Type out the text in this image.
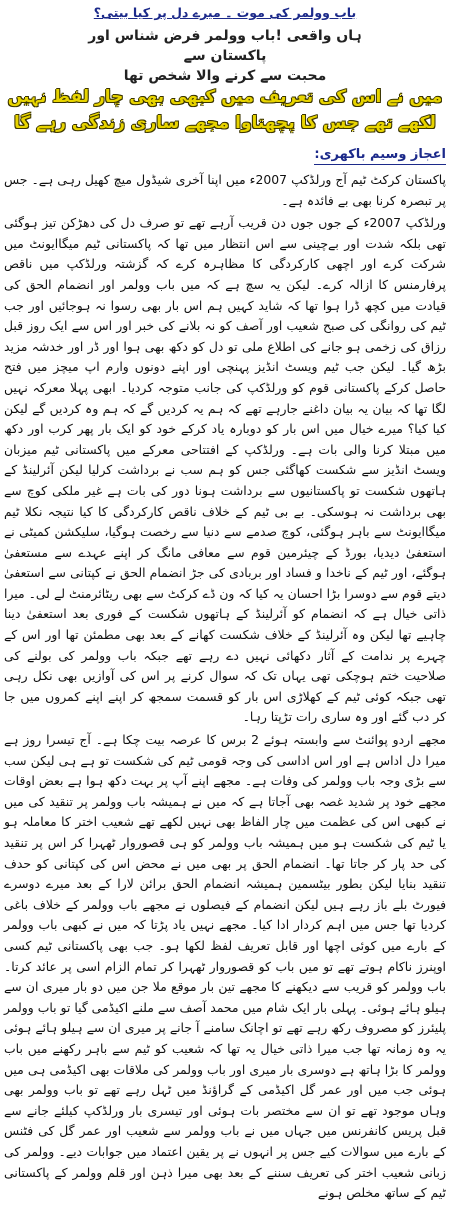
باب وولمر کی موت ۔ میرے دل پر کیا بیتی؟
ہاں واقعی !باب وولمر فرض شناس اور پاکستان سے
محبت سے کرنے والا شخص تھا
میں نے اس کی تعریف میں کبھی بھی چار لفظ نہیں
لکھے تھے جس کا پچھتاوا مجھے ساری زندگی رہے گا
اعجاز وسیم باکھری:

پاکستان کرکٹ ٹیم آج ورلڈکپ 2007ء میں اپنا آخری شیڈول میچ کھیل رہی ہے۔ جس پر تبصرہ کرنا بھی بے فائدہ ہے۔

ورلڈکپ 2007ء کے جوں جوں دن قریب آرہے تھے تو صرف دل کی دھڑکن تیز ہوگئی تھی بلکہ شدت اور بےچینی سے اس انتظار میں تھا کہ پاکستانی ٹیم میگاایونٹ میں شرکت کرے اور اچھی کارکردگی کا مظاہرہ کرے کہ گزشتہ ورلڈکپ میں ناقص پرفارمنس کا ازالہ کرے۔ لیکن یہ سچ ہے کہ میں باب وولمر اور انضمام الحق کی قیادت میں کچھ ڈرا ہوا تھا کہ شاید کہیں ہم اس بار بھی رسوا نہ ہوجائیں اور جب ٹیم کی روانگی کی صبح شعیب اور آصف کو نہ بلانے کی خبر اور اس سے ایک روز قبل رزاق کی زخمی ہو جانے کی اطلاع ملی تو دل کو دکھ بھی ہوا اور ڈر اور خدشہ مزید بڑھ گیا۔ لیکن جب ٹیم ویسٹ انڈیز پہنچی اور اپنے دونوں وارم اپ میچز میں فتح حاصل کرکے پاکستانی قوم کو ورلڈکپ کی جانب متوجہ کردیا۔ ابھی پہلا معرکہ نہیں لگا تھا کہ بیان یہ بیان داغنے جارہے تھے کہ ہم یہ کردیں گے کہ ہم وہ کردیں گے لیکن کیا کیا؟ میرے خیال میں اس بار کو دوبارہ یاد کرکے خود کو ایک بار پھر کرب اور دکھ میں مبتلا کرنا والی بات ہے۔ ورلڈکپ کے افتتاحی معرکے میں پاکستانی ٹیم میزبان ویسٹ انڈیز سے شکست کھاگئی جس کو ہم سب نے برداشت کرلیا لیکن آئرلینڈ کے ہاتھوں شکست تو پاکستانیوں سے برداشت ہونا دور کی بات ہے غیر ملکی کوچ سے بھی برداشت نہ ہوسکی۔ بے بی ٹیم کے خلاف ناقص کارکردگی کا کیا نتیجہ نکلا ٹیم میگاایونٹ سے باہر ہوگئی، کوچ صدمے سے دنیا سے رخصت ہوگیا، سلیکشن کمیٹی نے استعفیٰ دیدیا، بورڈ کے چیئرمین قوم سے معافی مانگ کر اپنے عہدے سے مستعفیٰ ہوگئے، اور ٹیم کے ناخدا و فساد اور بربادی کی جڑ انضمام الحق نے کپتانی سے استعفیٰ دیتے قوم سے دوسرا بڑا احسان یہ کیا کہ ون ڈے کرکٹ سے بھی ریٹائرمنٹ لے لی۔ میرا ذاتی خیال ہے کہ انضمام کو آئرلینڈ کے ہاتھوں شکست کے فوری بعد استعفیٰ دینا چاہیے تھا لیکن وہ آئرلینڈ کے خلاف شکست کھانے کے بعد بھی مطمئن تھا اور اس کے چہرے پر ندامت کے آثار دکھائی نہیں دے رہے تھے جبکہ باب وولمر کی بولنے کی صلاحیت ختم ہوچکی تھی یہاں تک کہ سوال کرنے پر اس کی آوازیں بھی نکل رہی تھی جبکہ کوئی ٹیم کے کھلاڑی اس بار کو قسمت سمجھ کر اپنے اپنے کمروں میں جا کر دب گئے اور وہ ساری رات تڑپتا رہا۔

مجھے اردو پوائنٹ سے وابستہ ہوئے 2 برس کا عرصہ بیت چکا ہے۔ آج تیسرا روز ہے میرا دل اداس ہے اور اس اداسی کی وجہ قومی ٹیم کی شکست تو ہے ہی لیکن سب سے بڑی وجہ باب وولمر کی وفات ہے۔ مجھے اپنے آپ پر بہت دکھ ہوا ہے بعض اوقات مجھے خود پر شدید غصہ بھی آجاتا ہے کہ میں نے ہمیشہ باب وولمر پر تنقید کی میں نے کبھی اس کی عظمت میں چار الفاظ بھی نہیں لکھے تھے شعیب اختر کا معاملہ ہو یا ٹیم کی شکست ہو میں ہمیشہ باب وولمر کو ہی قصوروار ٹھہرا کر اس پر تنقید کی حد پار کر جاتا تھا۔ انضمام الحق پر بھی میں نے محض اس کی کپتانی کو حدف تنقید بنایا لیکن بطور بیٹسمین ہمیشہ انضمام الحق برائن لارا کے بعد میرے دوسرے فیورٹ بلے باز رہے ہیں لیکن انضمام کے فیصلوں نے مجھے باب وولمر کے خلاف باغی کردیا تھا جس میں اہم کردار ادا کیا۔ مجھے نہیں یاد پڑتا کہ میں نے کبھی باب وولمر کے بارے میں کوئی اچھا اور قابل تعریف لفظ لکھا ہو۔ جب بھی پاکستانی ٹیم کسی اوپنرز ناکام ہوتے تھے تو میں باب کو قصوروار ٹھہرا کر تمام الزام اسی پر عائد کرتا۔ باب وولمر کو قریب سے دیکھنے کا مجھے تین بار موقع ملا جن میں دو بار میری ان سے ہیلو ہائے ہوئی۔ پہلی بار ایک شام میں محمد آصف سے ملنے اکیڈمی گیا تو باب وولمر پلیئرز کو مصروف رکھ رہے تھے تو اچانک سامنے آ جانے پر میری ان سے ہیلو ہائے ہوئی یہ وہ زمانہ تھا جب میرا ذاتی خیال یہ تھا کہ شعیب کو ٹیم سے باہر رکھنے میں باب وولمر کا بڑا ہاتھ ہے دوسری بار میری اور باب وولمر کی ملاقات بھی اکیڈمی ہی میں ہوئی جب میں اور عمر گل اکیڈمی کے گراؤنڈ میں ٹہل رہے تھے تو باب وولمر بھی وہاں موجود تھے تو ان سے مختصر بات ہوئی اور تیسری بار ورلڈکپ کیلئے جانے سے قبل پریس کانفرنس میں جہاں میں نے باب وولمر سے شعیب اور عمر گل کی فٹنس کے بارے میں سوالات کیے جس پر انہوں نے پر یقین اعتماد میں جوابات دیے۔ وولمر کی زبانی شعیب اختر کی تعریف سننے کے بعد بھی میرا ذہن اور قلم وولمر کے پاکستانی ٹیم کے ساتھ مخلص ہونے
